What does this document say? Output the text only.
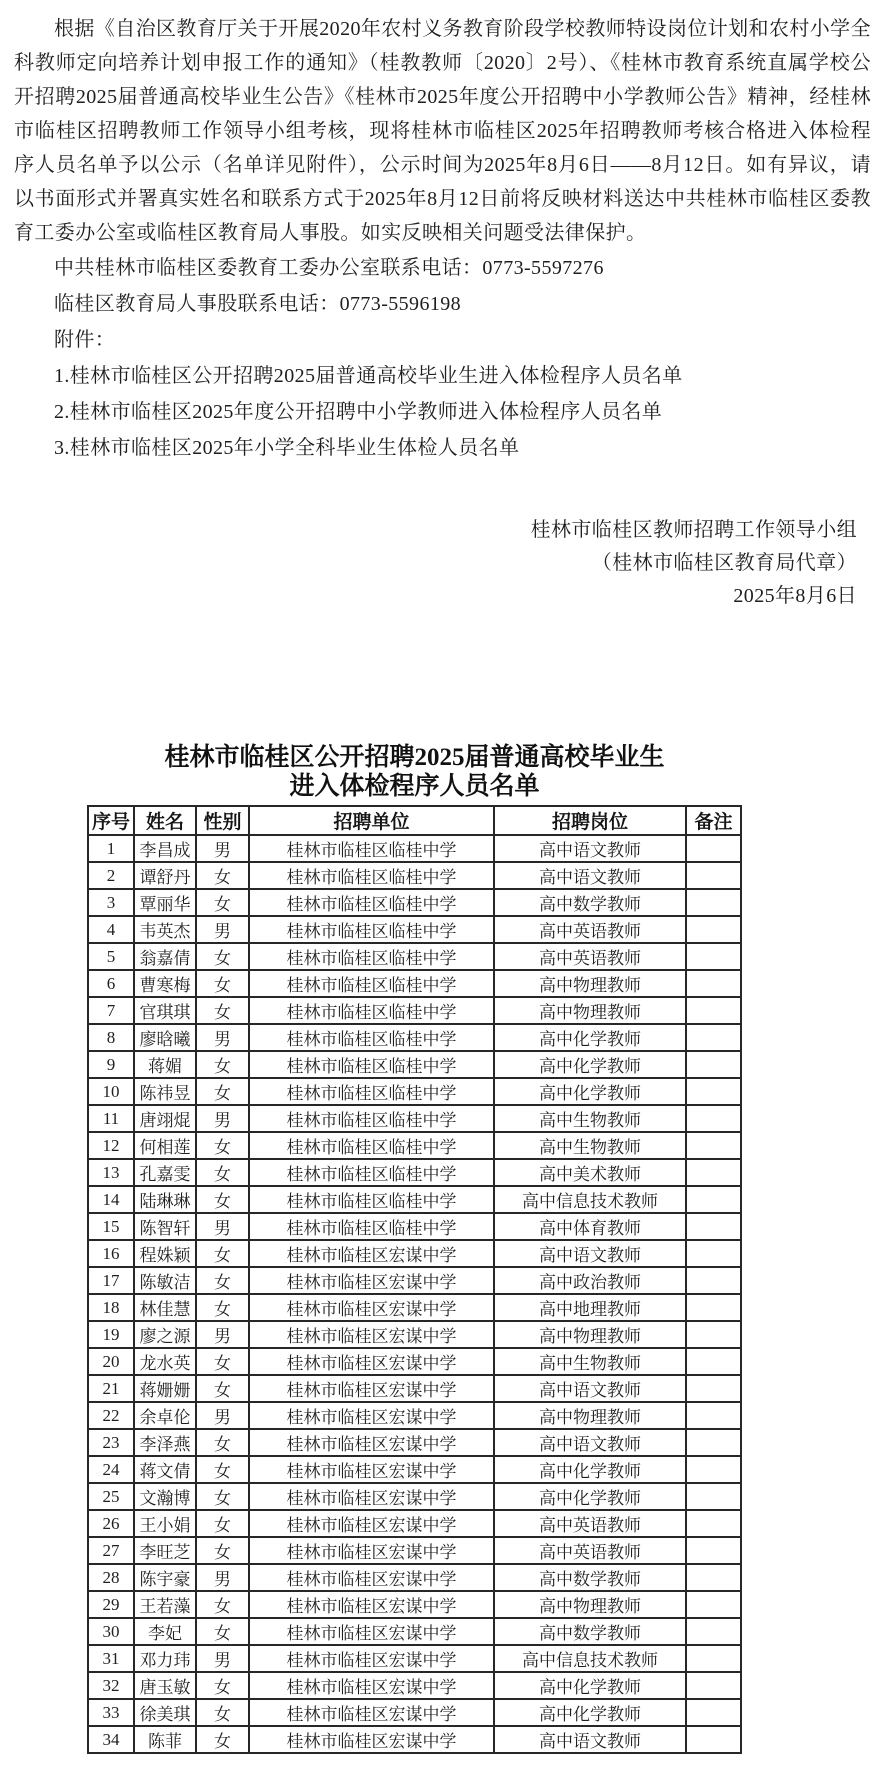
根据《自治区教育厅关于开展2020年农村义务教育阶段学校教师特设岗位计划和农村小学全科教师定向培养计划申报工作的通知》（桂教教师〔2020〕2号）、《桂林市教育系统直属学校公开招聘2025届普通高校毕业生公告》《桂林市2025年度公开招聘中小学教师公告》精神，经桂林市临桂区招聘教师工作领导小组考核，现将桂林市临桂区2025年招聘教师考核合格进入体检程序人员名单予以公示（名单详见附件），公示时间为2025年8月6日——8月12日。如有异议，请以书面形式并署真实姓名和联系方式于2025年8月12日前将反映材料送达中共桂林市临桂区委教育工委办公室或临桂区教育局人事股。如实反映相关问题受法律保护。

中共桂林市临桂区委教育工委办公室联系电话：0773-5597276

临桂区教育局人事股联系电话：0773-5596198

附件：

1.桂林市临桂区公开招聘2025届普通高校毕业生进入体检程序人员名单

2.桂林市临桂区2025年度公开招聘中小学教师进入体检程序人员名单

3.桂林市临桂区2025年小学全科毕业生体检人员名单

桂林市临桂区教师招聘工作领导小组
（桂林市临桂区教育局代章）
2025年8月6日
桂林市临桂区公开招聘2025届普通高校毕业生
进入体检程序人员名单
序号	姓名	性别	招聘单位	招聘岗位	备注
1	李昌成	男	桂林市临桂区临桂中学	高中语文教师	
2	谭舒丹	女	桂林市临桂区临桂中学	高中语文教师	
3	覃丽华	女	桂林市临桂区临桂中学	高中数学教师	
4	韦英杰	男	桂林市临桂区临桂中学	高中英语教师	
5	翁嘉倩	女	桂林市临桂区临桂中学	高中英语教师	
6	曹寒梅	女	桂林市临桂区临桂中学	高中物理教师	
7	官琪琪	女	桂林市临桂区临桂中学	高中物理教师	
8	廖晗曦	男	桂林市临桂区临桂中学	高中化学教师	
9	蒋媚	女	桂林市临桂区临桂中学	高中化学教师	
10	陈祎昱	女	桂林市临桂区临桂中学	高中化学教师	
11	唐翊焜	男	桂林市临桂区临桂中学	高中生物教师	
12	何相莲	女	桂林市临桂区临桂中学	高中生物教师	
13	孔嘉雯	女	桂林市临桂区临桂中学	高中美术教师	
14	陆琳琳	女	桂林市临桂区临桂中学	高中信息技术教师	
15	陈智轩	男	桂林市临桂区临桂中学	高中体育教师	
16	程姝颖	女	桂林市临桂区宏谋中学	高中语文教师	
17	陈敏洁	女	桂林市临桂区宏谋中学	高中政治教师	
18	林佳慧	女	桂林市临桂区宏谋中学	高中地理教师	
19	廖之源	男	桂林市临桂区宏谋中学	高中物理教师	
20	龙水英	女	桂林市临桂区宏谋中学	高中生物教师	
21	蒋姗姗	女	桂林市临桂区宏谋中学	高中语文教师	
22	余卓伦	男	桂林市临桂区宏谋中学	高中物理教师	
23	李泽燕	女	桂林市临桂区宏谋中学	高中语文教师	
24	蒋文倩	女	桂林市临桂区宏谋中学	高中化学教师	
25	文瀚博	女	桂林市临桂区宏谋中学	高中化学教师	
26	王小娟	女	桂林市临桂区宏谋中学	高中英语教师	
27	李旺芝	女	桂林市临桂区宏谋中学	高中英语教师	
28	陈宇豪	男	桂林市临桂区宏谋中学	高中数学教师	
29	王若藻	女	桂林市临桂区宏谋中学	高中物理教师	
30	李妃	女	桂林市临桂区宏谋中学	高中数学教师	
31	邓力玮	男	桂林市临桂区宏谋中学	高中信息技术教师	
32	唐玉敏	女	桂林市临桂区宏谋中学	高中化学教师	
33	徐美琪	女	桂林市临桂区宏谋中学	高中化学教师	
34	陈菲	女	桂林市临桂区宏谋中学	高中语文教师	
